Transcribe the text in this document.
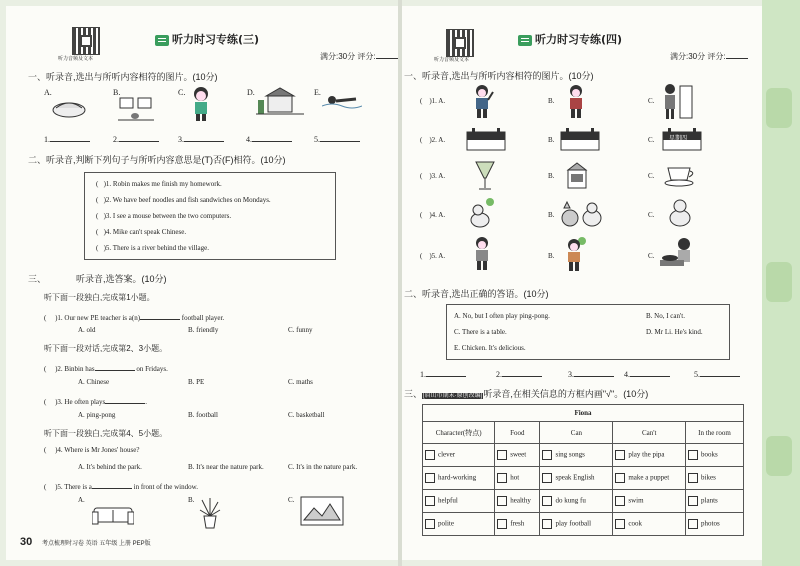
听力音频及文本
听力时习专练(三)
满分:30分 评分:
一、听录音,选出与所听内容相符的图片。(10分)
A.	B.	C.	D.	E.
1.	2.	3.	4.	5.
二、听录音,判断下列句子与所听内容意思是(T)否(F)相符。(10分)
(   )1. Robin makes me finish my homework.
(   )2. We have beef noodles and fish sandwiches on Mondays.
(   )3. I see a mouse between the two computers.
(   )4. Mike can't speak Chinese.
(   )5. There is a river behind the village.
三、	听录音,选答案。(10分)
听下面一段独白,完成第1小题。
(     )1. Our new PE teacher is a(n)	football player.
A. old	B. friendly	C. funny
听下面一段对话,完成第2、3小题。
(     )2. Binbin has	on Fridays.
A. Chinese	B. PE	C. maths
(     )3. He often plays	.
A. ping-pong	B. football	C. basketball
听下面一段独白,完成第4、5小题。
(     )4. Where is Mr Jones' house?
A. It's behind the park.	B. It's near the nature park.	C. It's in the nature park.
(     )5. There is a	in front of the window.
A.	B.	C.
30 考点梳理时习卷 英语 五年级 上册 PEP版
听力音频及文本
听力时习专练(四)
满分:30分 评分:
一、听录音,选出与所听内容相符的图片。(10分)
(    )1. A.	B.	C.
(    )2. A.	B.	C. 星期四
(    )3. A.	B.	C.
(    )4. A.	B.	C.
(    )5. A.	B.	C.
二、听录音,选出正确的答语。(10分)
A. No, but I often play ping-pong.	B. No, I can't.
C. There is a table.	D. Mr Li. He's kind.
E. Chicken. It's delicious.
1.	2.	3.	4.	5.
三、[眉山市期末·原创改编]听录音,在相关信息的方框内画"√"。(10分)
Fiona				
Character(特点)	Food	Can	Can't	In the room
clever	sweet	sing songs	play the pipa	books
hard-working	hot	speak English	make a puppet	bikes
helpful	healthy	do kung fu	swim	plants
polite	fresh	play football	cook	photos
